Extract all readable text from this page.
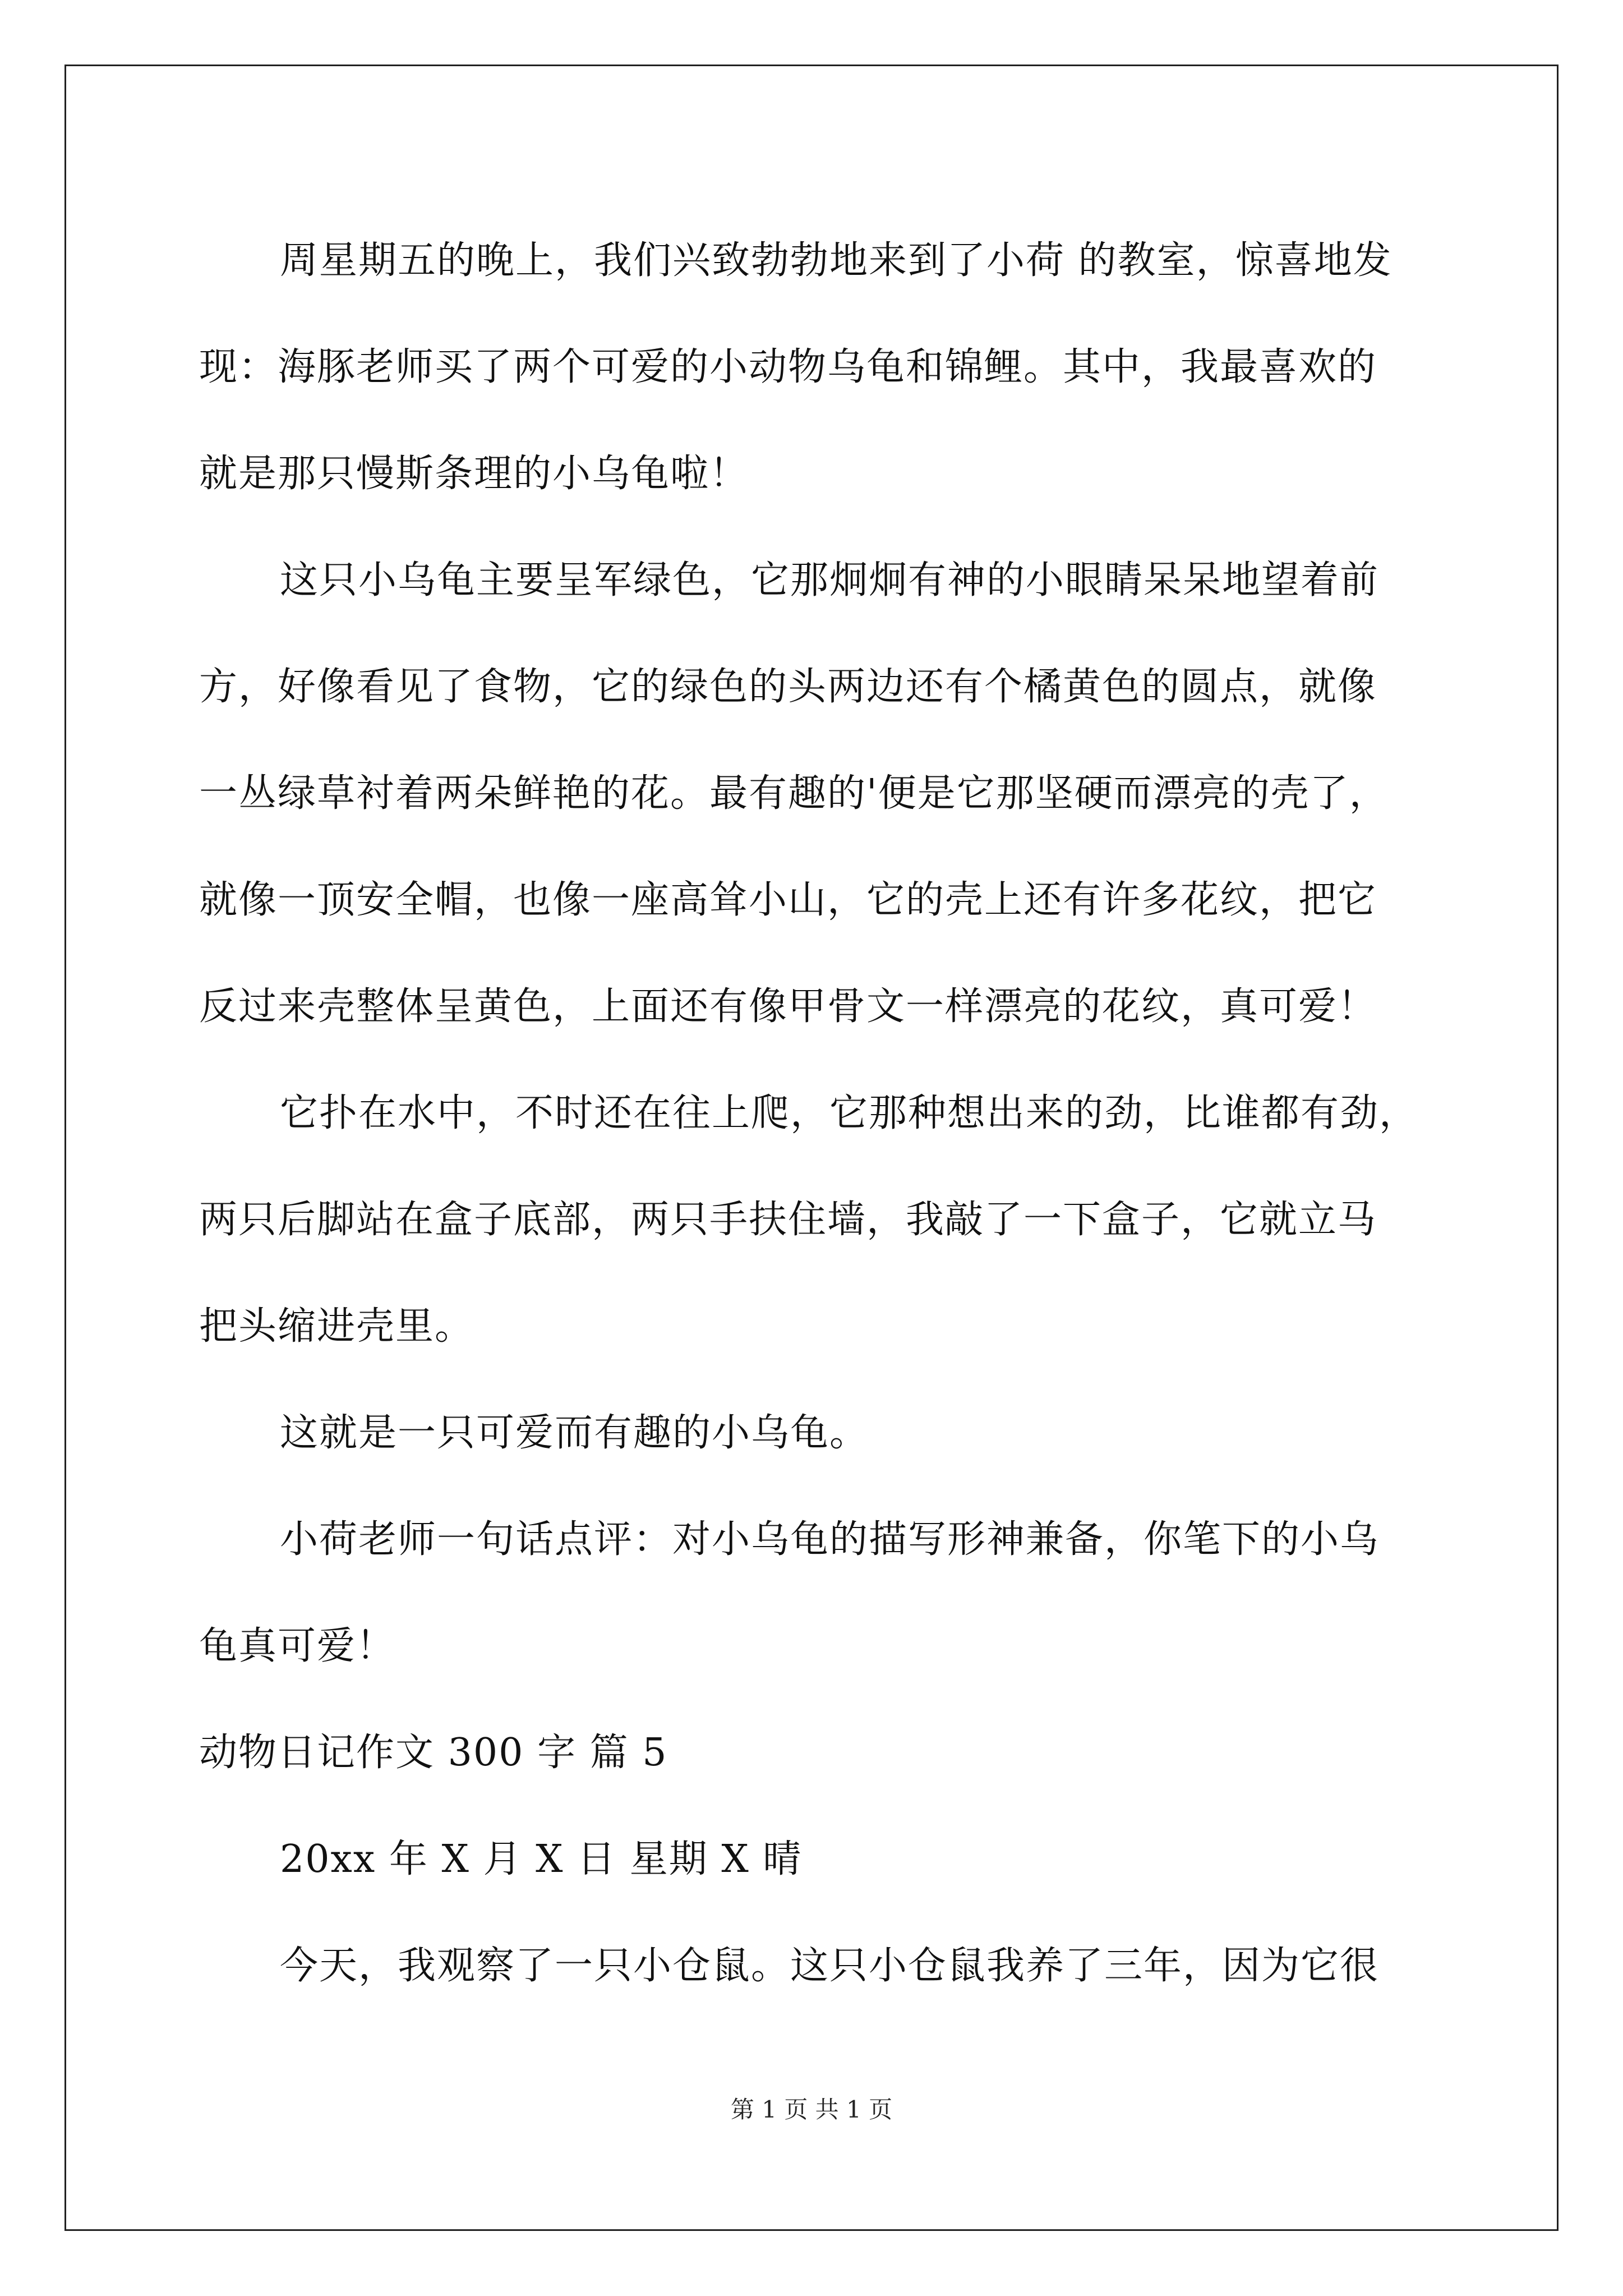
周星期五的晚上，我们兴致勃勃地来到了小荷 的教室，惊喜地发
现：海豚老师买了两个可爱的小动物乌龟和锦鲤。其中，我最喜欢的
就是那只慢斯条理的小乌龟啦！

这只小乌龟主要呈军绿色，它那炯炯有神的小眼睛呆呆地望着前
方，好像看见了食物，它的绿色的头两边还有个橘黄色的圆点，就像
一丛绿草衬着两朵鲜艳的花。最有趣的'便是它那坚硬而漂亮的壳了，
就像一顶安全帽，也像一座高耸小山，它的壳上还有许多花纹，把它
反过来壳整体呈黄色，上面还有像甲骨文一样漂亮的花纹，真可爱！

它扑在水中，不时还在往上爬，它那种想出来的劲，比谁都有劲，
两只后脚站在盒子底部，两只手扶住墙，我敲了一下盒子，它就立马
把头缩进壳里。

这就是一只可爱而有趣的小乌龟。

小荷老师一句话点评：对小乌龟的描写形神兼备，你笔下的小乌
龟真可爱！

动物日记作文 300 字 篇 5

20xx 年 X 月 X 日 星期 X 晴

今天，我观察了一只小仓鼠。这只小仓鼠我养了三年，因为它很

第 1 页 共 1 页
